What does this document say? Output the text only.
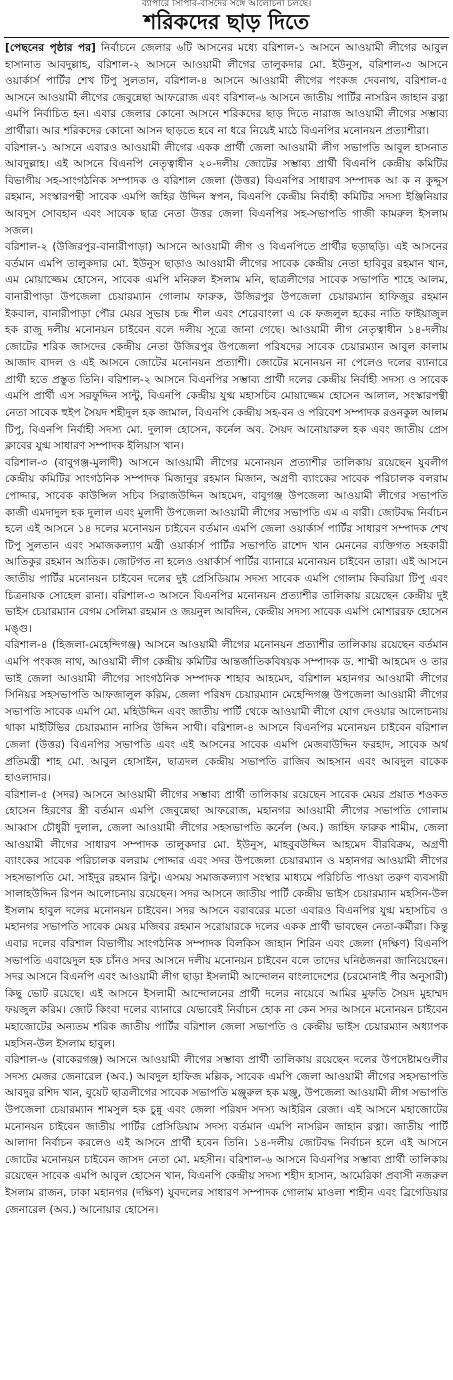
ব্যাপারে সিপিবি-বাসদের সঙ্গে আলোচনা চলছে।
শরিকদের ছাড় দিতে

[পেছনের পৃষ্ঠার পর] নির্বাচনে জেলার ৬টি আসনের মধ্যে বরিশাল-১ আসনে আওয়ামী লীগের আবুল হাসানাত আবদুল্লাহ, বরিশাল-২ আসনে আওয়ামী লীগের তালুকদার মো. ইউনুস, বরিশাল-৩ আসনে ওয়ার্কার্স পার্টির শেখ টিপু সুলতান, বরিশাল-৪ আসনে আওয়ামী লীগের পংকজ দেবনাথ, বরিশাল-৫ আসনে আওয়ামী লীগের জেবুন্নেছা আফরোজ এবং বরিশাল-৬ আসনে জাতীয় পার্টির নাসরিন জাহান রত্না এমপি নির্বাচিত হন। এবার জেলার কোনো আসনে শরিকদের ছাড় দিতে নারাজ আওয়ামী লীগের সম্ভাব্য প্রার্থীরা। আর শরিকদের কোনো আসন ছাড়তে হবে না ধরে নিয়েই মাঠে বিএনপির মনোনয়ন প্রত্যাশীরা।

বরিশাল-১ আসনে এবারও আওয়ামী লীগের একক প্রার্থী জেলা আওয়ামী লীগ সভাপতি আবুল হাসনাত আবদুল্লাহ। এই আসনে বিএনপি নেতৃত্বাধীন ২০-দলীয় জোটের সম্ভাব্য প্রার্থী বিএনপি কেন্দ্রীয় কমিটির বিভাগীয় সহ-সাংগঠনিক সম্পাদক ও বরিশাল জেলা (উত্তর) বিএনপির সাধারণ সম্পাদক আ ক ন কুদ্দুস রহমান, সংস্কারপন্থী সাবেক এমপি জহির উদ্দিন স্বপন, বিএনপি কেন্দ্রীয় নির্বাহী কমিটির সদস্য ইঞ্জিনিয়ার আবদুস সোবহান এবং সাবেক ছাত্র নেতা উত্তর জেলা বিএনপির সহ-সভাপতি গাজী কামরুল ইসলাম সজল।

বরিশাল-২ (উজিরপুর-বানারীপাড়া) আসনে আওয়ামী লীগ ও বিএনপিতে প্রার্থীর ছড়াছড়ি। এই আসনের বর্তমান এমপি তালুকদার মো. ইউনুস ছাড়াও আওয়ামী লীগের সাবেক কেন্দ্রীয় নেতা হাবিবুর রহমান খান, এম মোয়াজ্জেম হোসেন, সাবেক এমপি মনিরুল ইসলাম মনি, ছাত্রলীগের সাবেক সভাপতি শাহে আলম, বানারীপাড়া উপজেলা চেয়ারম্যান গোলাম ফারুক, উজিরপুর উপজেলা চেয়ারম্যান হাফিজুর রহমান ইকবাল, বানারীপাড়া পৌর মেয়র সুভাষ চন্দ্র শীল এবং শেরেবাংলা এ কে ফজলুল হকের নাতি ফাইয়াজুল হক রাজু দলীয় মনোনয়ন চাইবেন বলে দলীয় সূত্রে জানা গেছে। আওয়ামী লীগ নেতৃত্বাধীন ১৪-দলীয় জোটের শরিক জাসদের কেন্দ্রীয় নেতা উজিরপুর উপজেলা পরিষদের সাবেক চেয়ারম্যান আবুল কালাম আজাদ বাদল ও এই আসনে জোটের মনোনয়ন প্রত্যাশী। জোটের মনোনয়ন না পেলেও দলের ব্যানারে প্রার্থী হতে প্রস্তুত তিনি। বরিশাল-২ আসনে বিএনপির সম্ভাব্য প্রার্থী দলের কেন্দ্রীয় নির্বাহী সদস্য ও সাবেক এমপি প্রার্থী এস সরফুদ্দিন সান্টু, বিএনপি কেন্দ্রীয় যুগ্ম মহাসচিব মোয়াজ্জেম হোসেন আলাল, সংস্কারপন্থী নেতা সাবেক হুইপ সৈয়দ শহীদুল হক জামাল, বিএনপি কেন্দ্রীয় সহ-বন ও পরিবেশ সম্পাদক রওনকুল আলম টিপু, বিএনপি নির্বাহী সদস্য মো. দুলাল হোসেন, কর্নেল অব. সৈয়দ আনোয়ারুল হক এবং জাতীয় প্রেস ক্লাবের যুগ্ম সাধারণ সম্পাদক ইলিয়াস খান।

বরিশাল-৩ (বাবুগঞ্জ-মুলাদী) আসনে আওয়ামী লীগের মনোনয়ন প্রত্যাশীর তালিকায় রয়েছেন যুবলীগ কেন্দ্রীয় কমিটির সাংগঠনিক সম্পাদক মিজানুর রহমান মিজান, অগ্রণী ব্যাংকের সাবেক পরিচালক বলরাম পোদ্দার, সাবেক কাউন্সিল সচিব সিরাজউদ্দিন আহমেদ, বাবুগঞ্জ উপজেলা আওয়ামী লীগের সভাপতি কাজী এমদাদুল হক দুলাল এবং মুলাদী উপজেলা আওয়ামী লীগের সভাপতি এম এ বারী। জোটবদ্ধ নির্বাচন হলে এই আসনে ১৪ দলের মনোনয়ন চাইবেন বর্তমান এমপি জেলা ওয়ার্কার্স পার্টির সাধারণ সম্পাদক শেখ টিপু সুলতান এবং সমাজকল্যাণ মন্ত্রী ওয়ার্কার্স পার্টির সভাপতি রাশেদ খান মেননের ব্যক্তিগত সহকারী আতিকুর রহমান আতিক। জোটগত না হলেও ওয়ার্কার্স পার্টির ব্যানারে মনোনয়ন চাইবেন তারা। এই আসনে জাতীয় পার্টির মনোনয়ন চাইবেন দলের দুই প্রেসিডিয়াম সদস্য সাবেক এমপি গোলাম কিবরিয়া টিপু এবং চিত্রনায়ক সোহেল রানা। বরিশাল-৩ আসনে বিএনপির মনোনয়ন প্রত্যাশীর তালিকায় রয়েছেন কেন্দ্রীয় দুই ভাইস চেয়ারম্যান বেগম সেলিমা রহমান ও জয়নুল আবদিন, কেন্দ্রীয় সদস্য সাবেক এমপি মোশাররফ হোসেন মঙ্গু।

বরিশাল-৪ (হিজলা-মেহেন্দিগঞ্জ) আসনে আওয়ামী লীগের মনোনয়ন প্রত্যাশীর তালিকায় রয়েছেন বর্তমান এমপি পংকজ নাথ, আওয়ামী লীগ কেন্দ্রীয় কমিটির আন্তর্জাতিকবিষয়ক সম্পাদক ড. শাম্মী আহমেদ ও তার ভাই জেলা আওয়ামী লীগের সাংগঠনিক সম্পাদক শাহাব আহমেদ, বরিশাল মহানগর আওয়ামী লীগের সিনিয়র সহসভাপতি আফজালুল করিম, জেলা পরিষদ চেয়ারম্যান মেহেন্দিগঞ্জ উপজেলা আওয়ামী লীগের সভাপতি সাবেক এমপি মো. মহিউদ্দিন এবং জাতীয় পার্টি থেকে আওয়ামী লীগে যোগ দেওয়ার আলোচনায় থাকা মাইটিভির চেয়ারম্যান নাসির উদ্দিন সাথী। বরিশাল-৪ আসনে বিএনপির মনোনয়ন চাইবেন বরিশাল জেলা (উত্তর) বিএনপির সভাপতি এবং এই আসনের সাবেক এমপি মেজবাউদ্দিন ফরহাদ, সাবেক অর্থ প্রতিমন্ত্রী শাহ মো. আবুল হোসাইন, ছাত্রদল কেন্দ্রীয় সভাপতি রাজিব আহসান এবং আবদুল বাকেক হাওলাদার।

বরিশাল-৫ (সদর) আসনে আওয়ামী লীগের সম্ভাব্য প্রার্থী তালিকায় রয়েছেন সাবেক মেয়র প্রয়াত শওকত হোসেন হিরণের স্ত্রী বর্তমান এমপি জেবুন্নেছা আফরোজ, মহানগর আওয়ামী লীগের সভাপতি গোলাম আব্বাস চৌধুরী দুলাল, জেলা আওয়ামী লীগের সহসভাপতি কর্নেল (অব.) জাহিদ ফারুক শামীম, জেলা আওয়ামী লীগের সাধারণ সম্পাদক তালুকদার মো. ইউনুস, মাহবুবউদ্দিন আহমেদ বীরবিক্রম, অগ্রণী ব্যাংকের সাবেক পরিচালক বলরাম পোদ্দার এবং সদর উপজেলা চেয়ারম্যান ও মহানগর আওয়ামী লীগের সহসভাপতি মো. সাইদুর রহমান রিন্টু। এসময় সমাজকল্যাণ সংস্থার মাধ্যমে পরিচিতি পাওয়া তরুণ ব্যবসায়ী সালাহউদ্দিন রিপন আলোচনায় রয়েছেন। সদর আসনে জাতীয় পার্টি কেন্দ্রীয় ভাইস চেয়ারম্যান মহসিন-উল ইসলাম হাবুল দলের মনোনয়ন চাইবেন। সদর আসনে বরাবরের মতো এবারও বিএনপির যুগ্ম মহাসচিব ও মহানগর সভাপতি সাবেক মেয়র মজিবর রহমান সরোয়ারকে দলের একক প্রার্থী ভাবছেন নেতা-কর্মীরা। কিন্তু এবার দলের বরিশাল বিভাগীয় সাংগঠনিক সম্পাদক বিলকিস জাহান শিরিন এবং জেলা (দক্ষিণ) বিএনপি সভাপতি এবায়েদুল হক চাঁনও সদর আসনে দলীয় মনোনয়ন চাইবেন বলে তাদের ঘনিষ্ঠজনরা জানিয়েছেন। সদর আসনে বিএনপি এবং আওয়ামী লীগ ছাড়া ইসলামী আন্দোলন বাংলাদেশের (চরমোনাই পীর অনুসারী) কিছু ভোট রয়েছে। এই আসনে ইসলামী আন্দোলনের প্রার্থী দলের নায়েবে আমির মুফতি সৈয়দ মুহাম্মদ ফয়জুল করিম। জোট কিংবা দলের ব্যানারে যেভাবেই নির্বাচন হোক না কেন সদর আসনে মনোনয়ন চাইবেন মহাজোটের অন্যতম শরিক জাতীয় পার্টির বরিশাল জেলা সভাপতি ও কেন্দ্রীয় ভাইস চেয়ারম্যান অধ্যাপক মহসিন-উল ইসলাম হাবুল।

বরিশাল-৬ (বাকেরগঞ্জ) আসনে আওয়ামী লীগের সম্ভাব্য প্রার্থী তালিকায় রয়েছেন দলের উপদেষ্টামণ্ডলীর সদস্য মেজর জেনারেল (অব.) আবদুল হাফিজ মল্লিক, সাবেক এমপি জেলা আওয়ামী লীগের সহসভাপতি আবদুর রশিদ খান, বুয়েট ছাত্রলীগের সাবেক সভাপতি মঞ্জুরুল হক মঞ্জু, উপজেলা আওয়ামী লীগ সভাপতি উপজেলা চেয়ারম্যান শামসুল হক চুন্নু এবং জেলা পরিষদ সদস্য আইরিন রেজা। এই আসনে মহাজোটের মনোনয়ন চাইবেন জাতীয় পার্টির প্রেসিডিয়াম সদস্য বর্তমান এমপি নাসরিন জাহান রত্না। জাতীয় পার্টি আলাদা নির্বাচন করলেও এই আসনে প্রার্থী হবেন তিনি। ১৪-দলীয় জোটবদ্ধ নির্বাচন হলে এই আসনে জোটের মনোনয়ন চাইবেন জাসদ নেতা মো. মহসীন। বরিশাল-৬ আসনে বিএনপির সম্ভাব্য প্রার্থী তালিকায় রয়েছেন সাবেক এমপি আবুল হোসেন খান, বিএনপি কেন্দ্রীয় সদস্য শহীদ হাসান, আমেরিকা প্রবাসী নজরুল ইসলাম রাজন, ঢাকা মহানগর (দক্ষিণ) যুবদলের সাধারণ সম্পাদক গোলাম মাওলা শাহীন এবং ব্রিগেডিয়ার জেনারেল (অব.) আনোয়ার হোসেন।
